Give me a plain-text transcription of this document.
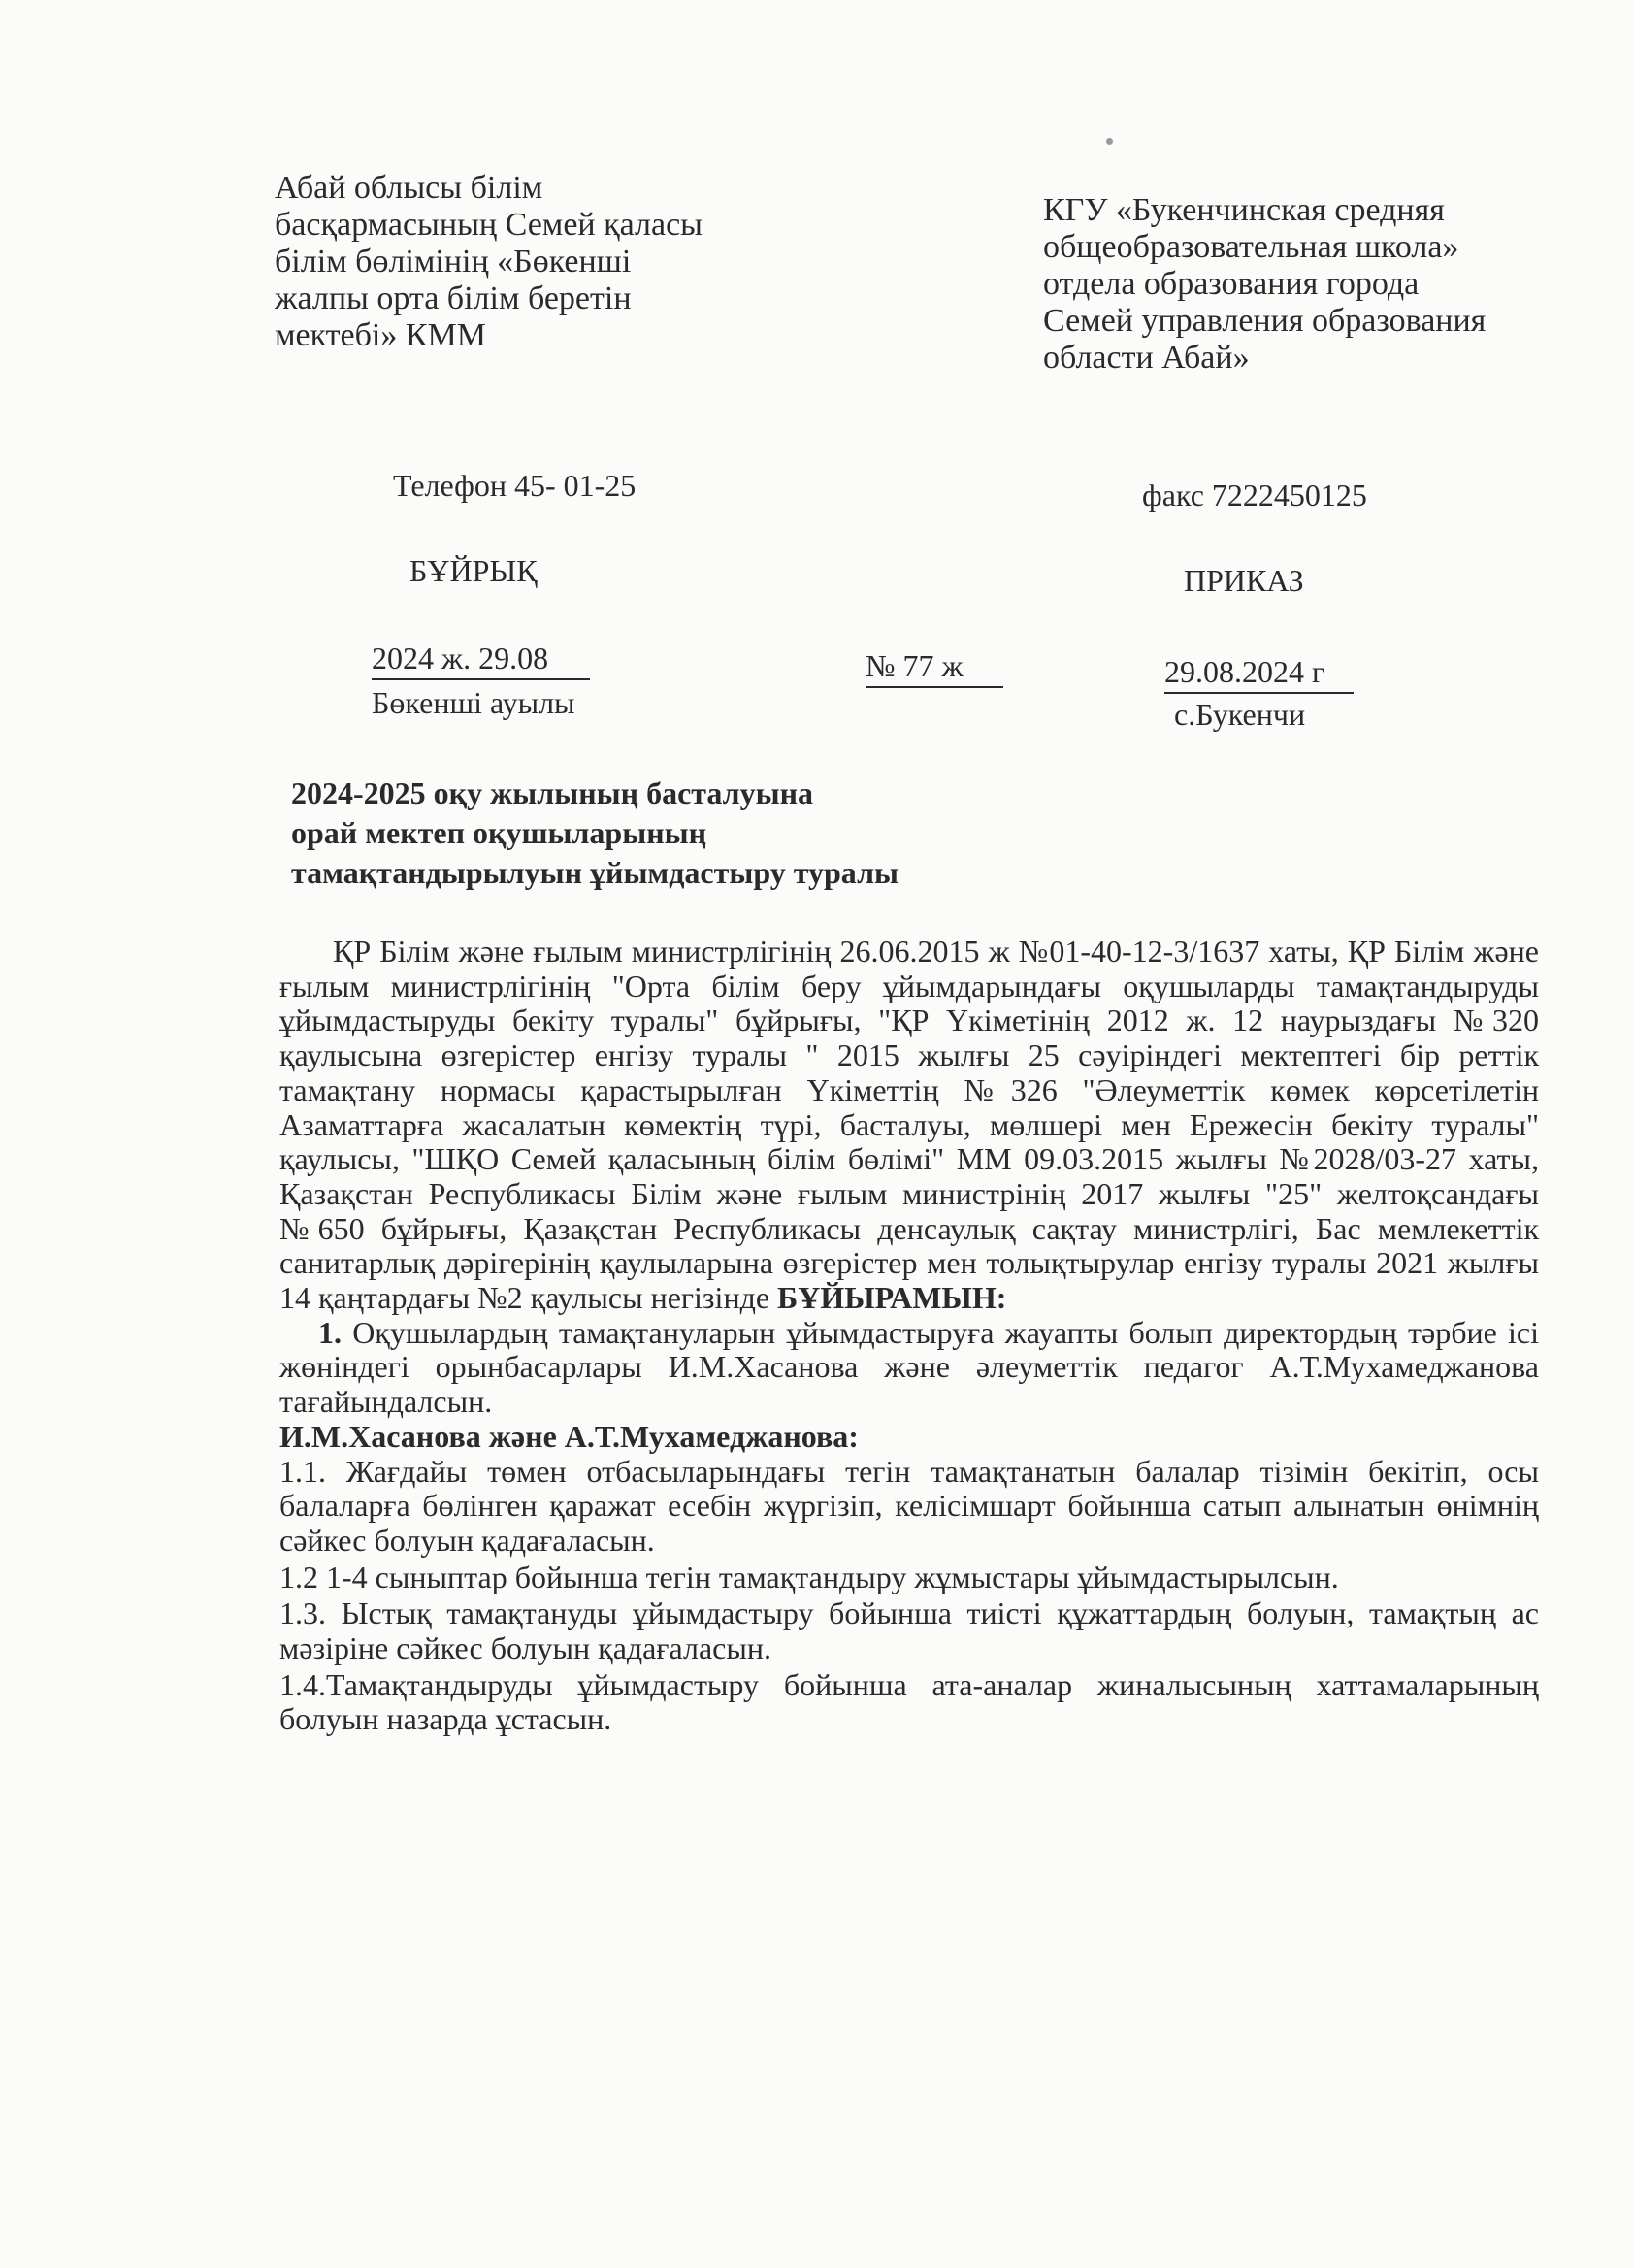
Абай облысы білім
басқармасының Семей қаласы
білім бөлімінің «Бөкенші
жалпы орта білім беретін
мектебі» КММ
КГУ «Букенчинская средняя
общеобразовательная школа»
отдела образования города
Семей управления образования
области Абай»
Телефон 45- 01-25	факс 7222450125
БҰЙРЫҚ	ПРИКАЗ
2024 ж. 29.08	№ 77 ж	29.08.2024 г
Бөкенші ауылы	с.Букенчи
2024-2025 оқу жылының басталуына
орай мектеп оқушыларының
тамақтандырылуын ұйымдастыру туралы

ҚР Білім және ғылым министрлігінің 26.06.2015 ж №01-40-12-3/1637 хаты, ҚР Білім және ғылым министрлігінің "Орта білім беру ұйымдарындағы оқушыларды тамақтандыруды ұйымдастыруды бекіту туралы" бұйрығы, "ҚР Үкіметінің 2012 ж. 12 наурыздағы №320 қаулысына өзгерістер енгізу туралы " 2015 жылғы 25 сәуіріндегі мектептегі бір реттік тамақтану нормасы қарастырылған Үкіметтің №326 "Әлеуметтік көмек көрсетілетін Азаматтарға жасалатын көмектің түрі, басталуы, мөлшері мен Ережесін бекіту туралы" қаулысы, "ШҚО Семей қаласының білім бөлімі" ММ 09.03.2015 жылғы №2028/03-27 хаты, Қазақстан Республикасы Білім және ғылым министрінің 2017 жылғы "25" желтоқсандағы №650 бұйрығы, Қазақстан Республикасы денсаулық сақтау министрлігі, Бас мемлекеттік санитарлық дәрігерінің қаулыларына өзгерістер мен толықтырулар енгізу туралы 2021 жылғы 14 қаңтардағы №2 қаулысы негізінде БҰЙЫРАМЫН:

1. Оқушылардың тамақтануларын ұйымдастыруға жауапты болып директордың тәрбие ісі жөніндегі орынбасарлары И.М.Хасанова және әлеуметтік педагог А.Т.Мухамеджанова тағайындалсын.

И.М.Хасанова және А.Т.Мухамеджанова:

1.1. Жағдайы төмен отбасыларындағы тегін тамақтанатын балалар тізімін бекітіп, осы балаларға бөлінген қаражат есебін жүргізіп, келісімшарт бойынша сатып алынатын өнімнің сәйкес болуын қадағаласын.

1.2 1-4 сыныптар бойынша тегін тамақтандыру жұмыстары ұйымдастырылсын.

1.3. Ыстық тамақтануды ұйымдастыру бойынша тиісті құжаттардың болуын, тамақтың ас мәзіріне сәйкес болуын қадағаласын.

1.4.Тамақтандыруды ұйымдастыру бойынша ата-аналар жиналысының хаттамаларының болуын назарда ұстасын.
